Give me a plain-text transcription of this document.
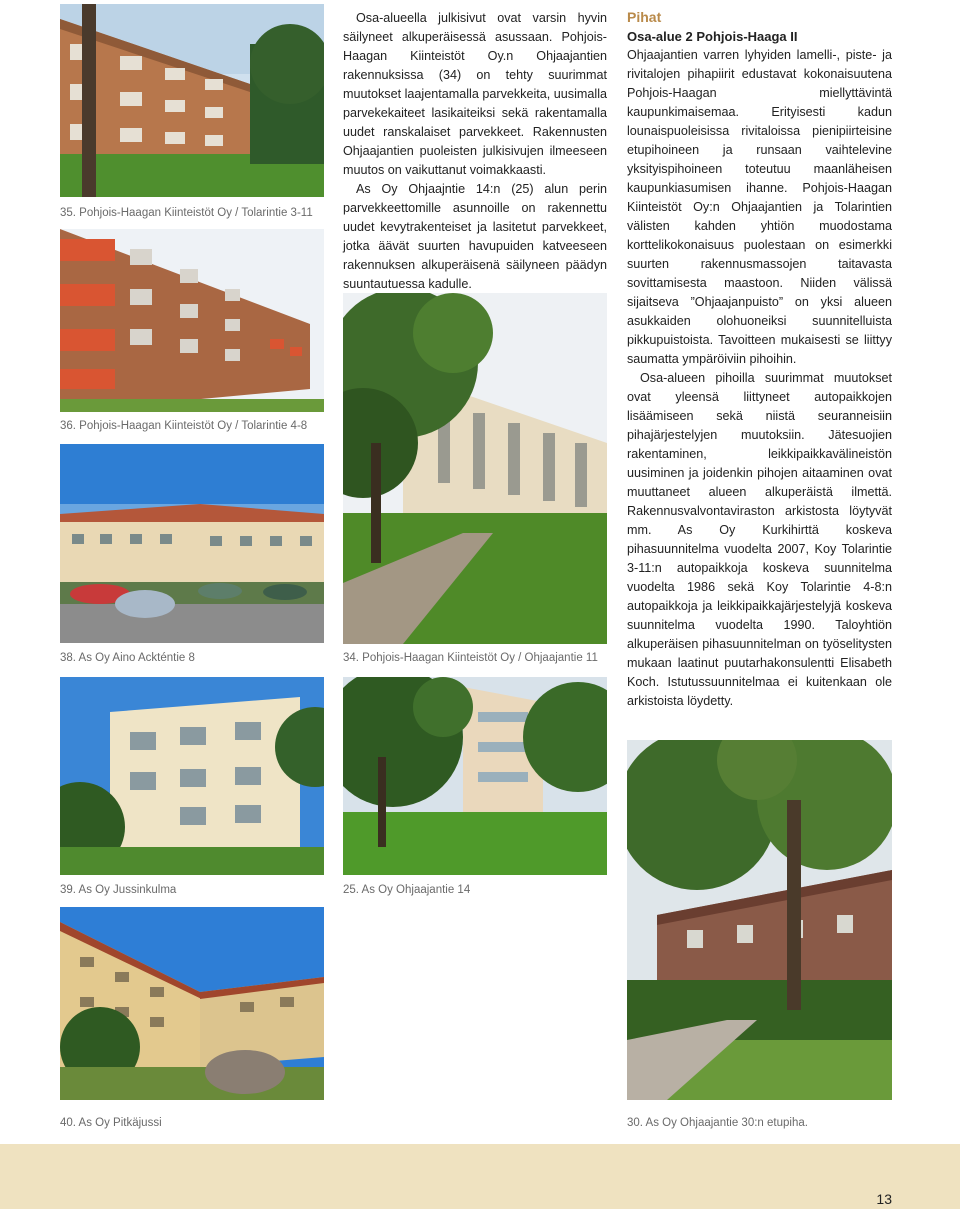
35. Pohjois-Haagan Kiinteistöt Oy / Tolarintie 3-11
36. Pohjois-Haagan Kiinteistöt Oy / Tolarintie 4-8
38. As Oy Aino Ackténtie 8

Osa-alueella julkisivut ovat varsin hyvin säilyneet alkuperäisessä asussaan. Pohjois-Haagan Kiinteistöt Oy.n Ohjaajantien rakennuksissa (34) on tehty suurimmat muutokset laajentamalla parvekkeita, uusimalla parvekekaiteet lasikaiteiksi sekä rakentamalla uudet ranskalaiset parvekkeet. Rakennusten Ohjaajantien puoleisten julkisivujen ilmeeseen muutos on vaikuttanut voimakkaasti.

As Oy Ohjaajntie 14:n (25) alun perin parvekkeettomille asunnoille on rakennettu uudet kevytrakenteiset ja lasitetut parvekkeet, jotka äävät suurten havupuiden katveeseen rakennuksen alkuperäisenä säilyneen päädyn suuntautuessa kadulle.

34. Pohjois-Haagan Kiinteistöt Oy / Ohjaajantie 11
Pihat
Osa-alue 2 Pohjois-Haaga II

Ohjaajantien varren lyhyiden lamelli-, piste- ja rivitalojen pihapiirit edustavat kokonaisuutena Pohjois-Haagan miellyttävintä kaupunkimaisemaa. Erityisesti kadun lounaispuoleisissa rivitaloissa pienipiirteisine etupihoineen ja runsaan vaihtelevine yksityispihoineen toteutuu maanläheisen kaupunkiasumisen ihanne. Pohjois-Haagan Kiinteistöt Oy:n Ohjaajantien ja Tolarintien välisten kahden yhtiön muodostama korttelikokonaisuus puolestaan on esimerkki suurten rakennusmassojen taitavasta sovittamisesta maastoon. Niiden välissä sijaitseva ”Ohjaajanpuisto” on yksi alueen asukkaiden olohuoneiksi suunnitelluista pikkupuistoista. Tavoitteen mukaisesti se liittyy saumatta ympäröiviin pihoihin.

Osa-alueen pihoilla suurimmat muutokset ovat yleensä liittyneet autopaikkojen lisäämiseen sekä niistä seuranneisiin pihajärjestelyjen muutoksiin. Jätesuojien rakentaminen, leikkipaikkavälineistön uusiminen ja joidenkin pihojen aitaaminen ovat muuttaneet alueen alkuperäistä ilmettä. Rakennusvalvontaviraston arkistosta löytyvät mm. As Oy Kurkihirttä koskeva pihasuunnitelma vuodelta 2007, Koy Tolarintie 3-11:n autopaikkoja koskeva suunnitelma vuodelta 1986 sekä Koy Tolarintie 4-8:n autopaikkoja ja leikkipaikkajärjestelyjä koskeva suunnitelma vuodelta 1990. Taloyhtiön alkuperäisen pihasuunnitelman on työselitysten mukaan laatinut puutarhakonsulentti Elisabeth Koch. Istutussuunnitelmaa ei kuitenkaan ole arkistoista löydetty.

39. As Oy Jussinkulma	25. As Oy Ohjaajantie 14
40. As Oy Pitkäjussi	30. As Oy Ohjaajantie 30:n etupiha.
13
